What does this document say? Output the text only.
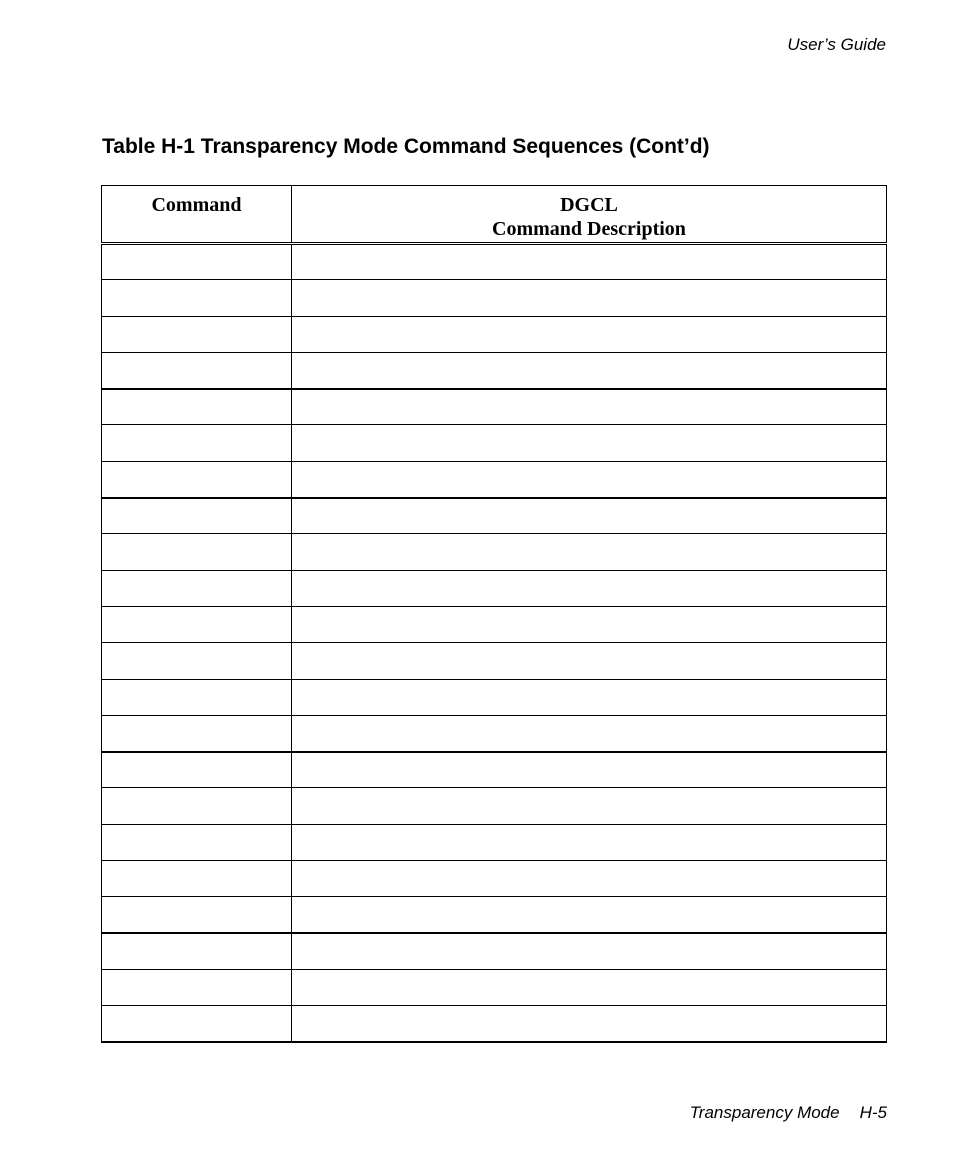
User’s Guide
Table H-1 Transparency Mode Command Sequences (Cont’d)
Command	DGCL
Command Description

Transparency Mode H-5
